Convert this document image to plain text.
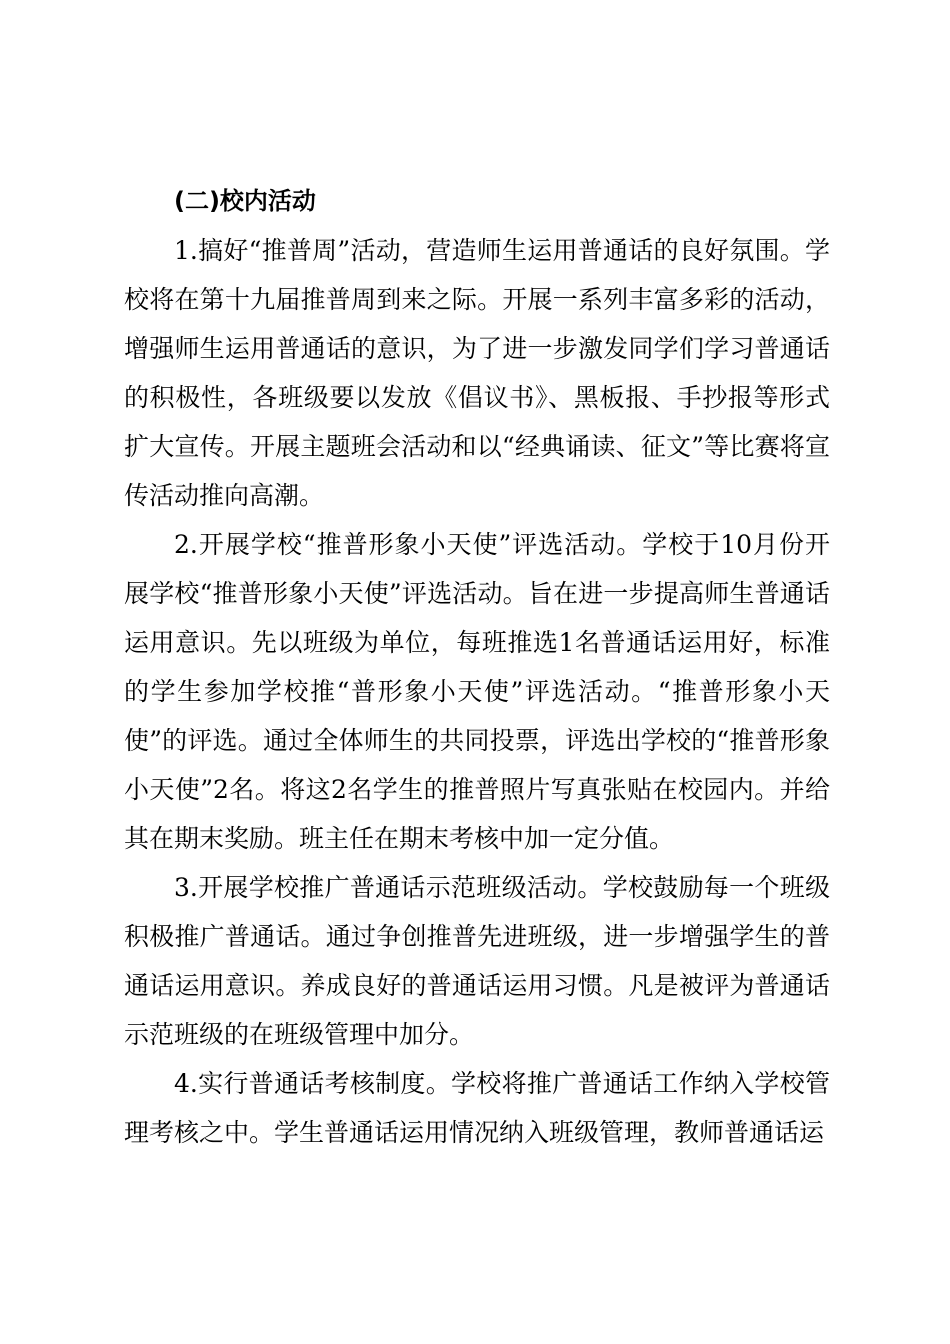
(二)校内活动

1.搞好“推普周”活动，营造师生运用普通话的良好氛围。学校将在第十九届推普周到来之际。开展一系列丰富多彩的活动，增强师生运用普通话的意识，为了进一步激发同学们学习普通话的积极性，各班级要以发放《倡议书》、黑板报、手抄报等形式扩大宣传。开展主题班会活动和以“经典诵读、征文”等比赛将宣传活动推向高潮。

2.开展学校“推普形象小天使”评选活动。学校于10月份开展学校“推普形象小天使”评选活动。旨在进一步提高师生普通话运用意识。先以班级为单位，每班推选1名普通话运用好，标准的学生参加学校推“普形象小天使”评选活动。“推普形象小天使”的评选。通过全体师生的共同投票，评选出学校的“推普形象小天使”2名。将这2名学生的推普照片写真张贴在校园内。并给其在期末奖励。班主任在期末考核中加一定分值。

3.开展学校推广普通话示范班级活动。学校鼓励每一个班级积极推广普通话。通过争创推普先进班级，进一步增强学生的普通话运用意识。养成良好的普通话运用习惯。凡是被评为普通话示范班级的在班级管理中加分。

4.实行普通话考核制度。学校将推广普通话工作纳入学校管理考核之中。学生普通话运用情况纳入班级管理，教师普通话运
